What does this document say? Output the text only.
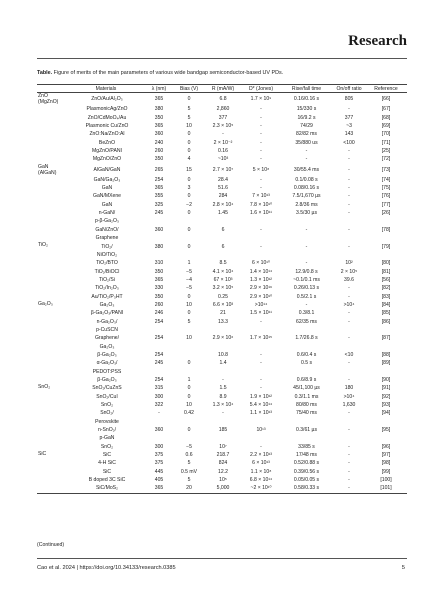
Research
Table. Figure of merits of the main parameters of various wide bandgap semiconductor-based UV PDs.
	Materials	λ (nm)	Bias (V)	R (mA/W)	D* (Jones)	Rise/fall time	On/off ratio	Reference
ZnO (MgZnO)	ZnO/Au/Al₂O₃	365	0	6.8	1.7 × 10⁹	0.16/0.16 s	805	[66]
	PlasmonicAg/ZnO	380	5	2,860	-	15/330 s	-	[67]
	ZnO/CdMoO₄/Au	350	5	377	-	16/9.2 s	377	[68]
	Plasmonic Cu/ZnO	365	10	2.3 × 10⁵	-	74/29	~3	[69]
	ZnO:Na/ZnO:Al	360	0	-	-	82/82 ms	143	[70]
	BeZnO	240	0	2 × 10⁻²	-	35/880 us	<100	[71]
	MgZnO/PANI	260	0	0.16	-	-	-	[25]
	MgZnO/ZnO	350	4	~10³	-	-	-	[72]
GaN (AlGaN)	AlGaN/GaN	265	15	2.7 × 10⁷	5 × 10⁸	30/55.4 ms	-	[73]
	GaN/Ga₂O₃	254	0	28.4	-	0.1/0.08 s	-	[74]
	GaN	365	3	51.6	-	0.08/0.16 s	-	[75]
	GaN/MXene	355	0	284	7 × 10¹³	7.5/1,670 µs	-	[76]
	GaN	325	−2	2.8 × 10⁴	7.8 × 10¹⁰	2.8/36 ms	-	[77]
	n-GaN/	245	0	1.45	1.6 × 10¹¹	3.5/30 µs	-	[26]
	p-β-Ga₂O₃							
	GaN/ZnO/	360	0	6	-	-	-	[78]
	Graphene							
TiO₂	TiO₂/	380	0	6	-	-	-	[79]
	NiO/TiO₂							
	TiO₂/BTO	310	1	8.5	6 × 10¹⁰	-	10²	[80]
	TiO₂/BiOCl	350	−5	4.1 × 10⁴	1.4 × 10¹⁴	12.9/0.8 s	2 × 10⁵	[81]
	TiO₂/Si	365	−4	67 × 10³	1.3 × 10¹²	~0.1/0.1 ms	39.6	[56]
	TiO₂/In₂O₃	330	−5	3.2 × 10⁵	2.9 × 10¹⁶	0.26/0.13 s	-	[82]
	Au/TiO₂/P₃HT	350	0	0.25	2.9 × 10¹⁰	0.5/2.1 s	-	[83]
Ga₂O₃	Ga₂O₃	260	10	6.6 × 10³	>10¹⁴	-	>10⁴	[84]
	β-Ga₂O₃/PANI	246	0	21	1.5 × 10¹¹	0.3/8.1	-	[85]
	n-Ga₂O₃/	254	5	13.3	-	62/35 ms	-	[86]
	p-CuSCN							
	Graphene/	254	10	2.9 × 10⁶	1.7 × 10¹⁵	1.7/26.8 s	-	[87]
	Ga₂O₃							
	β-Ga₂O₃	254		10.8	-	0.6/0.4 s	<10	[88]
	α-Ga₂O₃/	245	0	1.4	-	0.5 s	-	[89]
	PEDOT:PSS							
	β-Ga₂O₃	254	1	-	-	0.6/8.9 s	-	[90]
SnO₂	SnO₂/CuZnS	315	0	1.5	-	45/1,100 µs	180	[91]
	SnO₂/CuI	300	0	8.9	1.9 × 10¹²	0.3/1.1 ms	>10⁴	[92]
	SnO₂	322	10	1.3 × 10⁴	5.4 × 10¹⁴	80/80 ms	1,630	[93]
	SnO₂/	-	0.42	-	1.1 × 10¹³	75/40 ms	-	[94]
	Perovskite							
	n-SnO₂/	360	0	185	10¹³	0.3/61 µs	-	[95]
	p-GaN							
	SnO₂	300	−5	10⁷	-	33/85 s	-	[96]
SiC	SiC	375	0.6	218.7	2.2 × 10¹³	17/48 ms	-	[97]
	4-H SiC	375	5	824	6 × 10¹³	0.52/0.88 s	-	[98]
	SiC	445	0.5 mV	12.2	1.1 × 10⁸	0.39/0.56 s	-	[99]
	B doped 3C SiC	405	5	10⁵	6.8 × 10¹⁴	0.05/0.05 s	-	[100]
	SiC/MoS₂	365	20	5,000	~2 × 10¹⁰	0.58/0.33 s	-	[101]
(Continued)
Cao et al. 2024 | https://doi.org/10.34133/research.0385	5
